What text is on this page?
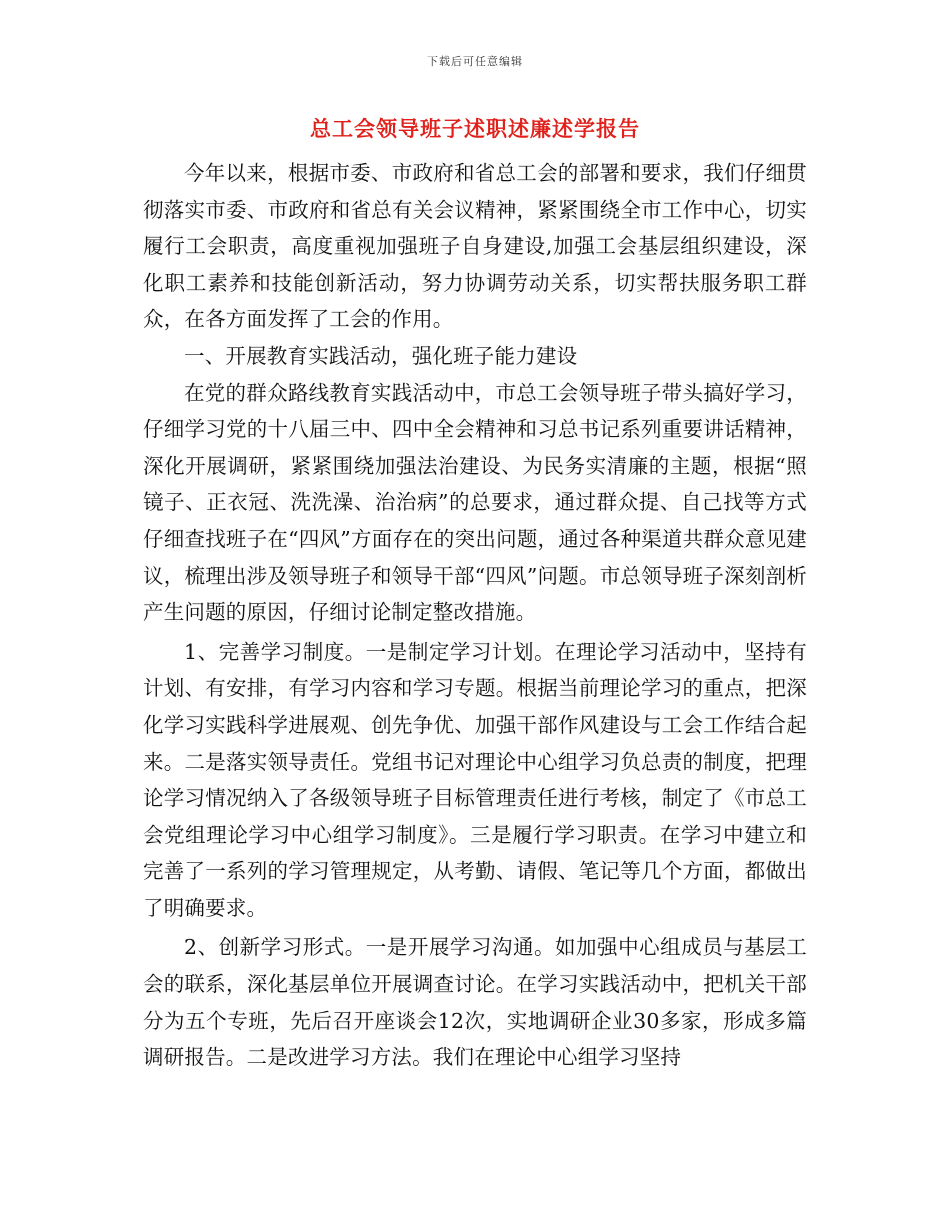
下载后可任意编辑
总工会领导班子述职述廉述学报告

今年以来，根据市委、市政府和省总工会的部署和要求，我们仔细贯彻落实市委、市政府和省总有关会议精神，紧紧围绕全市工作中心，切实履行工会职责，高度重视加强班子自身建设,加强工会基层组织建设，深化职工素养和技能创新活动，努力协调劳动关系，切实帮扶服务职工群众，在各方面发挥了工会的作用。

一、开展教育实践活动，强化班子能力建设

在党的群众路线教育实践活动中，市总工会领导班子带头搞好学习，仔细学习党的十八届三中、四中全会精神和习总书记系列重要讲话精神，深化开展调研，紧紧围绕加强法治建设、为民务实清廉的主题，根据“照镜子、正衣冠、洗洗澡、治治病”的总要求，通过群众提、自己找等方式仔细查找班子在“四风”方面存在的突出问题，通过各种渠道共群众意见建议，梳理出涉及领导班子和领导干部“四风”问题。市总领导班子深刻剖析产生问题的原因，仔细讨论制定整改措施。

1、完善学习制度。一是制定学习计划。在理论学习活动中，坚持有计划、有安排，有学习内容和学习专题。根据当前理论学习的重点，把深化学习实践科学进展观、创先争优、加强干部作风建设与工会工作结合起来。二是落实领导责任。党组书记对理论中心组学习负总责的制度，把理论学习情况纳入了各级领导班子目标管理责任进行考核，制定了《市总工会党组理论学习中心组学习制度》。三是履行学习职责。在学习中建立和完善了一系列的学习管理规定，从考勤、请假、笔记等几个方面，都做出了明确要求。

2、创新学习形式。一是开展学习沟通。如加强中心组成员与基层工会的联系，深化基层单位开展调查讨论。在学习实践活动中，把机关干部分为五个专班，先后召开座谈会12次，实地调研企业30多家，形成多篇调研报告。二是改进学习方法。我们在理论中心组学习坚持
